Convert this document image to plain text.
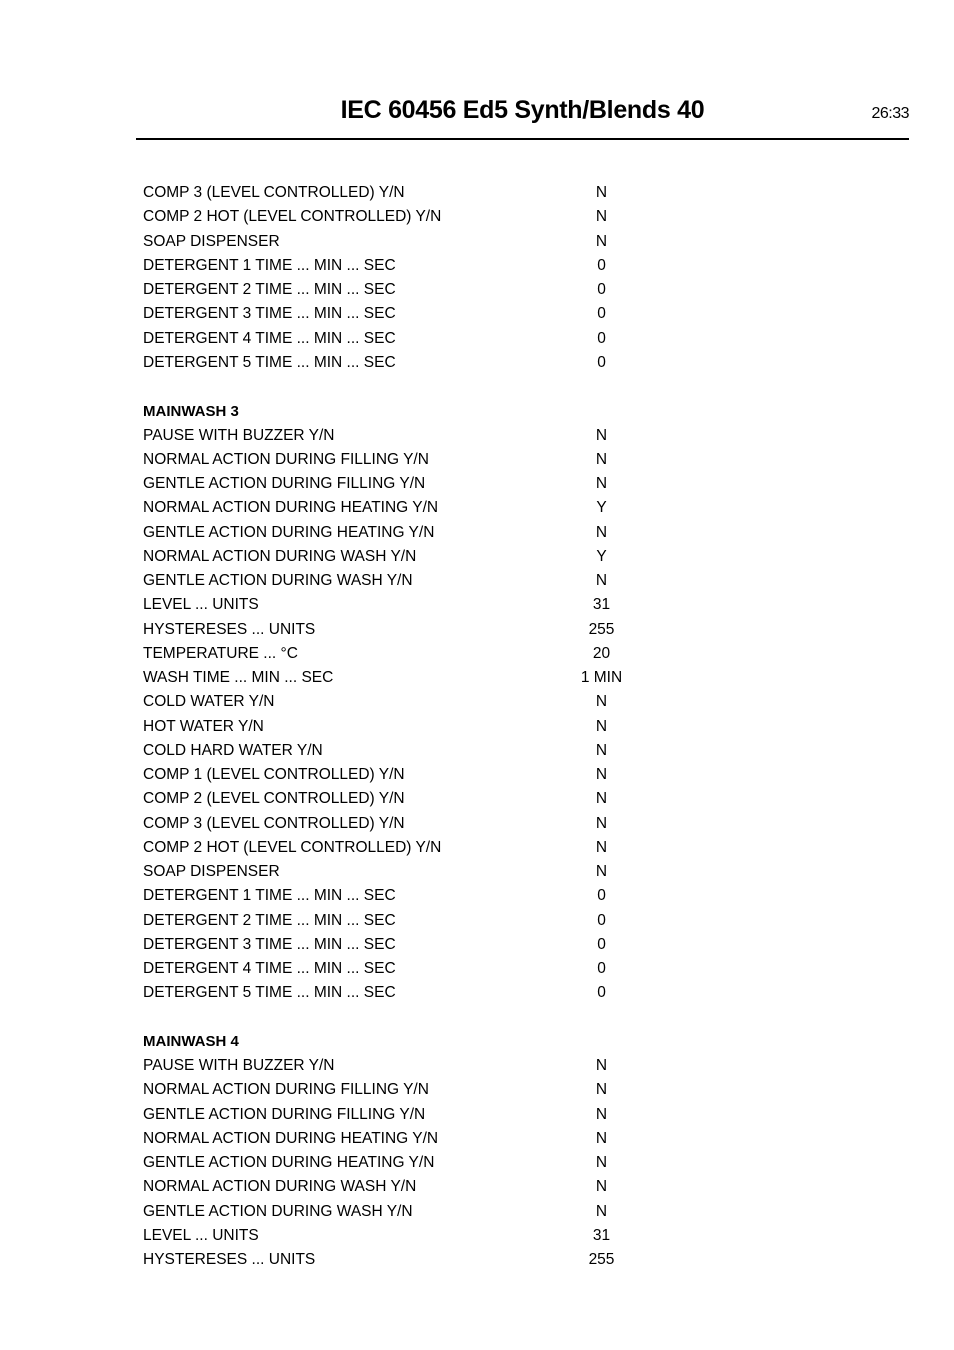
IEC 60456 Ed5 Synth/Blends 40	26:33
COMP 3 (LEVEL CONTROLLED) Y/N	N
COMP 2 HOT (LEVEL CONTROLLED) Y/N	N
SOAP DISPENSER	N
DETERGENT 1 TIME ... MIN ... SEC	0
DETERGENT 2 TIME ... MIN ... SEC	0
DETERGENT 3 TIME ... MIN ... SEC	0
DETERGENT 4 TIME ... MIN ... SEC	0
DETERGENT 5 TIME ... MIN ... SEC	0
MAINWASH 3
PAUSE WITH BUZZER Y/N	N
NORMAL ACTION DURING FILLING Y/N	N
GENTLE ACTION DURING FILLING Y/N	N
NORMAL ACTION DURING HEATING Y/N	Y
GENTLE ACTION DURING HEATING Y/N	N
NORMAL ACTION DURING WASH Y/N	Y
GENTLE ACTION DURING WASH Y/N	N
LEVEL ... UNITS	31
HYSTERESES ... UNITS	255
TEMPERATURE ... °C	20
WASH TIME ... MIN ... SEC	1 MIN
COLD WATER Y/N	N
HOT WATER Y/N	N
COLD HARD WATER Y/N	N
COMP 1 (LEVEL CONTROLLED) Y/N	N
COMP 2 (LEVEL CONTROLLED) Y/N	N
COMP 3 (LEVEL CONTROLLED) Y/N	N
COMP 2 HOT (LEVEL CONTROLLED) Y/N	N
SOAP DISPENSER	N
DETERGENT 1 TIME ... MIN ... SEC	0
DETERGENT 2 TIME ... MIN ... SEC	0
DETERGENT 3 TIME ... MIN ... SEC	0
DETERGENT 4 TIME ... MIN ... SEC	0
DETERGENT 5 TIME ... MIN ... SEC	0
MAINWASH 4
PAUSE WITH BUZZER Y/N	N
NORMAL ACTION DURING FILLING Y/N	N
GENTLE ACTION DURING FILLING Y/N	N
NORMAL ACTION DURING HEATING Y/N	N
GENTLE ACTION DURING HEATING Y/N	N
NORMAL ACTION DURING WASH Y/N	N
GENTLE ACTION DURING WASH Y/N	N
LEVEL ... UNITS	31
HYSTERESES ... UNITS	255
